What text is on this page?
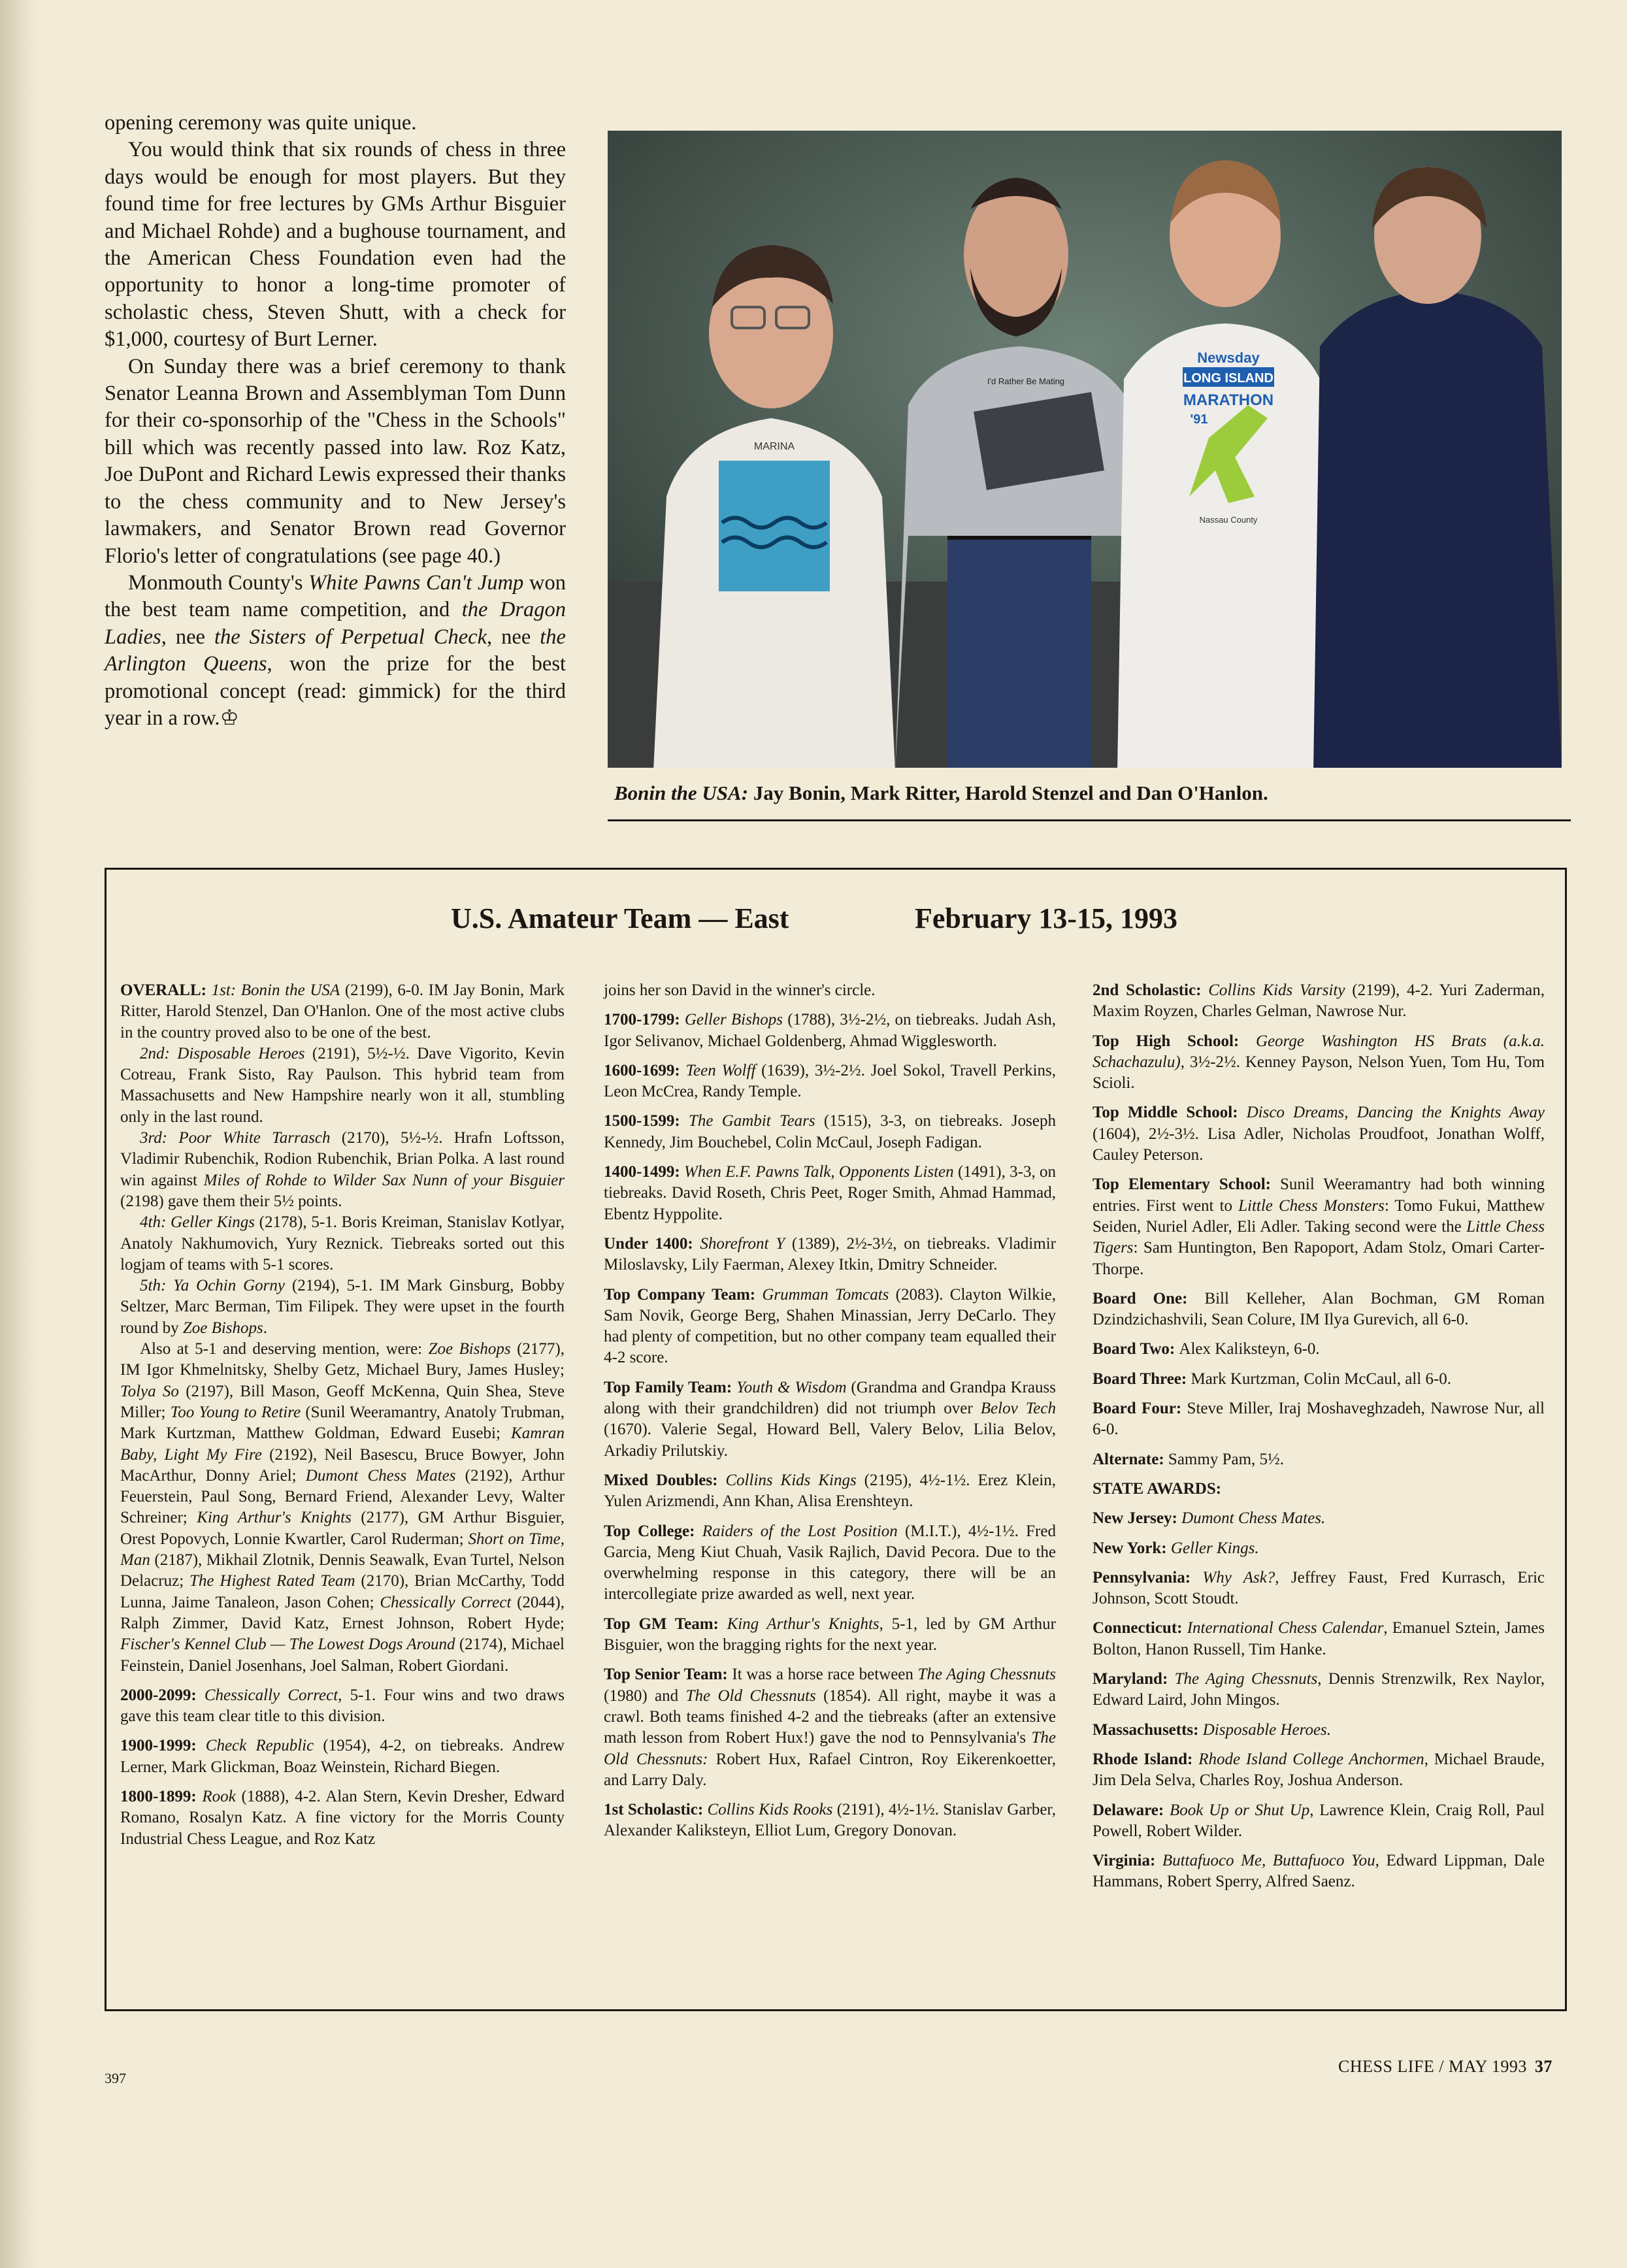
opening ceremony was quite unique.

You would think that six rounds of chess in three days would be enough for most players. But they found time for free lectures by GMs Arthur Bisguier and Michael Rohde) and a bughouse tournament, and the American Chess Foundation even had the opportunity to honor a long-time promoter of scholastic chess, Steven Shutt, with a check for $1,000, courtesy of Burt Lerner.

On Sunday there was a brief ceremony to thank Senator Leanna Brown and Assemblyman Tom Dunn for their co-sponsorhip of the "Chess in the Schools" bill which was recently passed into law. Roz Katz, Joe DuPont and Richard Lewis expressed their thanks to the chess community and to New Jersey's lawmakers, and Senator Brown read Governor Florio's letter of congratulations (see page 40.)

Monmouth County's White Pawns Can't Jump won the best team name competition, and the Dragon Ladies, nee the Sisters of Perpetual Check, nee the Arlington Queens, won the prize for the best promotional concept (read: gimmick) for the third year in a row.♔

MARINA
I'd Rather Be Mating
Newsday
LONG ISLAND
MARATHON
'91
Nassau County
Bonin the USA: Jay Bonin, Mark Ritter, Harold Stenzel and Dan O'Hanlon.
U.S. Amateur Team — East	February 13-15, 1993

OVERALL: 1st: Bonin the USA (2199), 6-0. IM Jay Bonin, Mark Ritter, Harold Stenzel, Dan O'Hanlon. One of the most active clubs in the country proved also to be one of the best.

2nd: Disposable Heroes (2191), 5½-½. Dave Vigorito, Kevin Cotreau, Frank Sisto, Ray Paulson. This hybrid team from Massachusetts and New Hampshire nearly won it all, stumbling only in the last round.

3rd: Poor White Tarrasch (2170), 5½-½. Hrafn Loftsson, Vladimir Rubenchik, Rodion Rubenchik, Brian Polka. A last round win against Miles of Rohde to Wilder Sax Nunn of your Bisguier (2198) gave them their 5½ points.

4th: Geller Kings (2178), 5-1. Boris Kreiman, Stanislav Kotlyar, Anatoly Nakhumovich, Yury Reznick. Tiebreaks sorted out this logjam of teams with 5-1 scores.

5th: Ya Ochin Gorny (2194), 5-1. IM Mark Ginsburg, Bobby Seltzer, Marc Berman, Tim Filipek. They were upset in the fourth round by Zoe Bishops.

Also at 5-1 and deserving mention, were: Zoe Bishops (2177), IM Igor Khmelnitsky, Shelby Getz, Michael Bury, James Husley; Tolya So (2197), Bill Mason, Geoff McKenna, Quin Shea, Steve Miller; Too Young to Retire (Sunil Weeramantry, Anatoly Trubman, Mark Kurtzman, Matthew Goldman, Edward Eusebi; Kamran Baby, Light My Fire (2192), Neil Basescu, Bruce Bowyer, John MacArthur, Donny Ariel; Dumont Chess Mates (2192), Arthur Feuerstein, Paul Song, Bernard Friend, Alexander Levy, Walter Schreiner; King Arthur's Knights (2177), GM Arthur Bisguier, Orest Popovych, Lonnie Kwartler, Carol Ruderman; Short on Time, Man (2187), Mikhail Zlotnik, Dennis Seawalk, Evan Turtel, Nelson Delacruz; The Highest Rated Team (2170), Brian McCarthy, Todd Lunna, Jaime Tanaleon, Jason Cohen; Chessically Correct (2044), Ralph Zimmer, David Katz, Ernest Johnson, Robert Hyde; Fischer's Kennel Club — The Lowest Dogs Around (2174), Michael Feinstein, Daniel Josenhans, Joel Salman, Robert Giordani.

2000-2099: Chessically Correct, 5-1. Four wins and two draws gave this team clear title to this division.

1900-1999: Check Republic (1954), 4-2, on tiebreaks. Andrew Lerner, Mark Glickman, Boaz Weinstein, Richard Biegen.

1800-1899: Rook (1888), 4-2. Alan Stern, Kevin Dresher, Edward Romano, Rosalyn Katz. A fine victory for the Morris County Industrial Chess League, and Roz Katz

joins her son David in the winner's circle.

1700-1799: Geller Bishops (1788), 3½-2½, on tiebreaks. Judah Ash, Igor Selivanov, Michael Goldenberg, Ahmad Wigglesworth.

1600-1699: Teen Wolff (1639), 3½-2½. Joel Sokol, Travell Perkins, Leon McCrea, Randy Temple.

1500-1599: The Gambit Tears (1515), 3-3, on tiebreaks. Joseph Kennedy, Jim Bouchebel, Colin McCaul, Joseph Fadigan.

1400-1499: When E.F. Pawns Talk, Opponents Listen (1491), 3-3, on tiebreaks. David Roseth, Chris Peet, Roger Smith, Ahmad Hammad, Ebentz Hyppolite.

Under 1400: Shorefront Y (1389), 2½-3½, on tiebreaks. Vladimir Miloslavsky, Lily Faerman, Alexey Itkin, Dmitry Schneider.

Top Company Team: Grumman Tomcats (2083). Clayton Wilkie, Sam Novik, George Berg, Shahen Minassian, Jerry DeCarlo. They had plenty of competition, but no other company team equalled their 4-2 score.

Top Family Team: Youth & Wisdom (Grandma and Grandpa Krauss along with their grandchildren) did not triumph over Belov Tech (1670). Valerie Segal, Howard Bell, Valery Belov, Lilia Belov, Arkadiy Prilutskiy.

Mixed Doubles: Collins Kids Kings (2195), 4½-1½. Erez Klein, Yulen Arizmendi, Ann Khan, Alisa Erenshteyn.

Top College: Raiders of the Lost Position (M.I.T.), 4½-1½. Fred Garcia, Meng Kiut Chuah, Vasik Rajlich, David Pecora. Due to the overwhelming response in this category, there will be an intercollegiate prize awarded as well, next year.

Top GM Team: King Arthur's Knights, 5-1, led by GM Arthur Bisguier, won the bragging rights for the next year.

Top Senior Team: It was a horse race between The Aging Chessnuts (1980) and The Old Chessnuts (1854). All right, maybe it was a crawl. Both teams finished 4-2 and the tiebreaks (after an extensive math lesson from Robert Hux!) gave the nod to Pennsylvania's The Old Chessnuts: Robert Hux, Rafael Cintron, Roy Eikerenkoetter, and Larry Daly.

1st Scholastic: Collins Kids Rooks (2191), 4½-1½. Stanislav Garber, Alexander Kaliksteyn, Elliot Lum, Gregory Donovan.

2nd Scholastic: Collins Kids Varsity (2199), 4-2. Yuri Zaderman, Maxim Royzen, Charles Gelman, Nawrose Nur.

Top High School: George Washington HS Brats (a.k.a. Schachazulu), 3½-2½. Kenney Payson, Nelson Yuen, Tom Hu, Tom Scioli.

Top Middle School: Disco Dreams, Dancing the Knights Away (1604), 2½-3½. Lisa Adler, Nicholas Proudfoot, Jonathan Wolff, Cauley Peterson.

Top Elementary School: Sunil Weeramantry had both winning entries. First went to Little Chess Monsters: Tomo Fukui, Matthew Seiden, Nuriel Adler, Eli Adler. Taking second were the Little Chess Tigers: Sam Huntington, Ben Rapoport, Adam Stolz, Omari Carter-Thorpe.

Board One: Bill Kelleher, Alan Bochman, GM Roman Dzindzichashvili, Sean Colure, IM Ilya Gurevich, all 6-0.

Board Two: Alex Kaliksteyn, 6-0.

Board Three: Mark Kurtzman, Colin McCaul, all 6-0.

Board Four: Steve Miller, Iraj Moshaveghzadeh, Nawrose Nur, all 6-0.

Alternate: Sammy Pam, 5½.

STATE AWARDS:

New Jersey: Dumont Chess Mates.

New York: Geller Kings.

Pennsylvania: Why Ask?, Jeffrey Faust, Fred Kurrasch, Eric Johnson, Scott Stoudt.

Connecticut: International Chess Calendar, Emanuel Sztein, James Bolton, Hanon Russell, Tim Hanke.

Maryland: The Aging Chessnuts, Dennis Strenzwilk, Rex Naylor, Edward Laird, John Mingos.

Massachusetts: Disposable Heroes.

Rhode Island: Rhode Island College Anchormen, Michael Braude, Jim Dela Selva, Charles Roy, Joshua Anderson.

Delaware: Book Up or Shut Up, Lawrence Klein, Craig Roll, Paul Powell, Robert Wilder.

Virginia: Buttafuoco Me, Buttafuoco You, Edward Lippman, Dale Hammans, Robert Sperry, Alfred Saenz.

397
CHESS LIFE / MAY 1993 37
